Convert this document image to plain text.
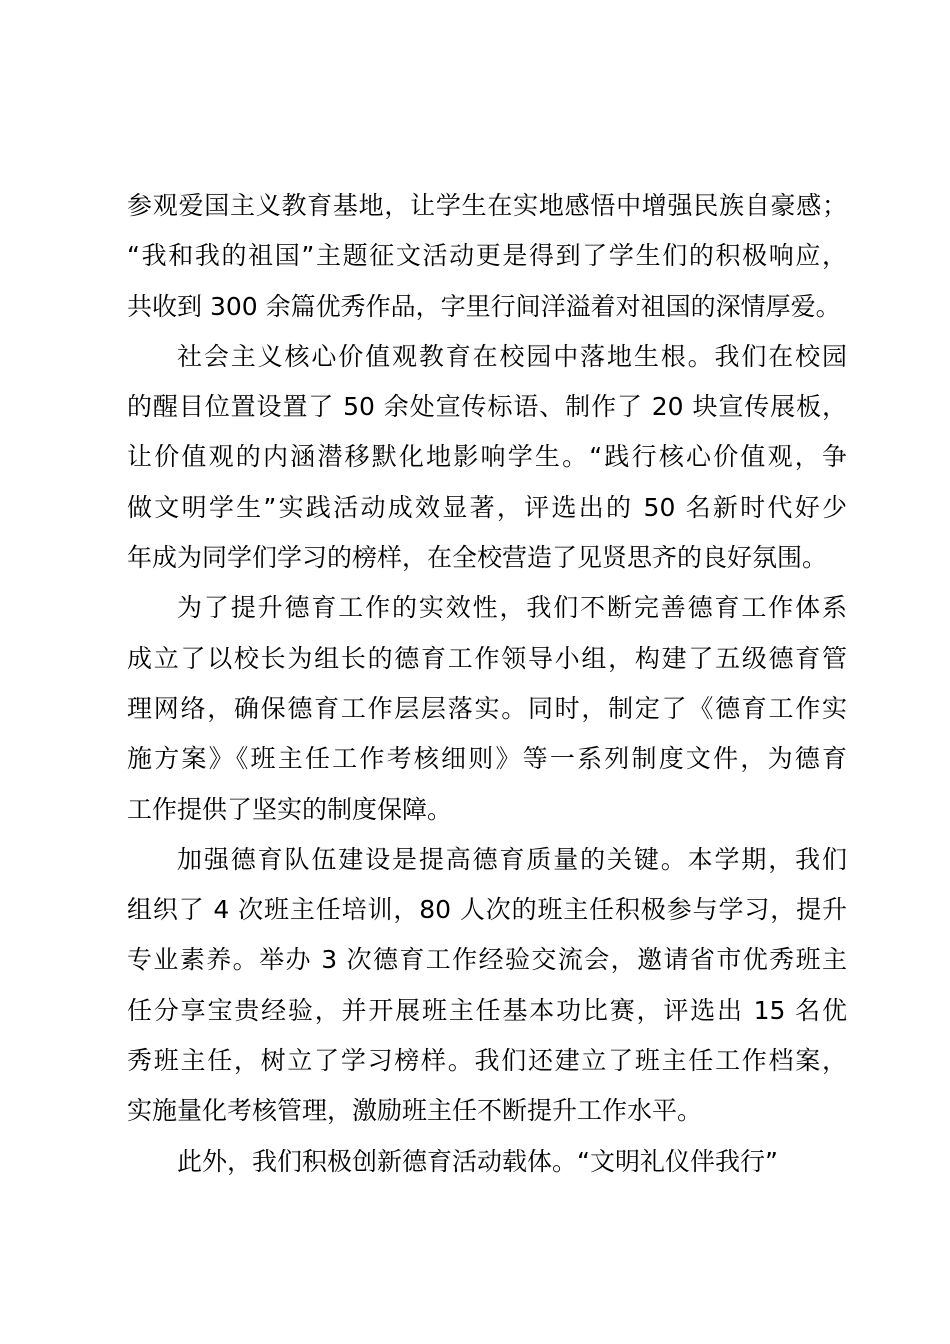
参观爱国主义教育基地，让学生在实地感悟中增强民族自豪感；
“我和我的祖国”主题征文活动更是得到了学生们的积极响应，
共收到 300 余篇优秀作品，字里行间洋溢着对祖国的深情厚爱。
社会主义核心价值观教育在校园中落地生根。我们在校园
的醒目位置设置了 50 余处宣传标语、制作了 20 块宣传展板，
让价值观的内涵潜移默化地影响学生。“践行核心价值观，争
做文明学生”实践活动成效显著，评选出的 50 名新时代好少
年成为同学们学习的榜样，在全校营造了见贤思齐的良好氛围。
为了提升德育工作的实效性，我们不断完善德育工作体系
成立了以校长为组长的德育工作领导小组，构建了五级德育管
理网络，确保德育工作层层落实。同时，制定了《德育工作实
施方案》《班主任工作考核细则》等一系列制度文件，为德育
工作提供了坚实的制度保障。
加强德育队伍建设是提高德育质量的关键。本学期，我们
组织了 4 次班主任培训，80 人次的班主任积极参与学习，提升
专业素养。举办 3 次德育工作经验交流会，邀请省市优秀班主
任分享宝贵经验，并开展班主任基本功比赛，评选出 15 名优
秀班主任，树立了学习榜样。我们还建立了班主任工作档案，
实施量化考核管理，激励班主任不断提升工作水平。
此外，我们积极创新德育活动载体。“文明礼仪伴我行”
